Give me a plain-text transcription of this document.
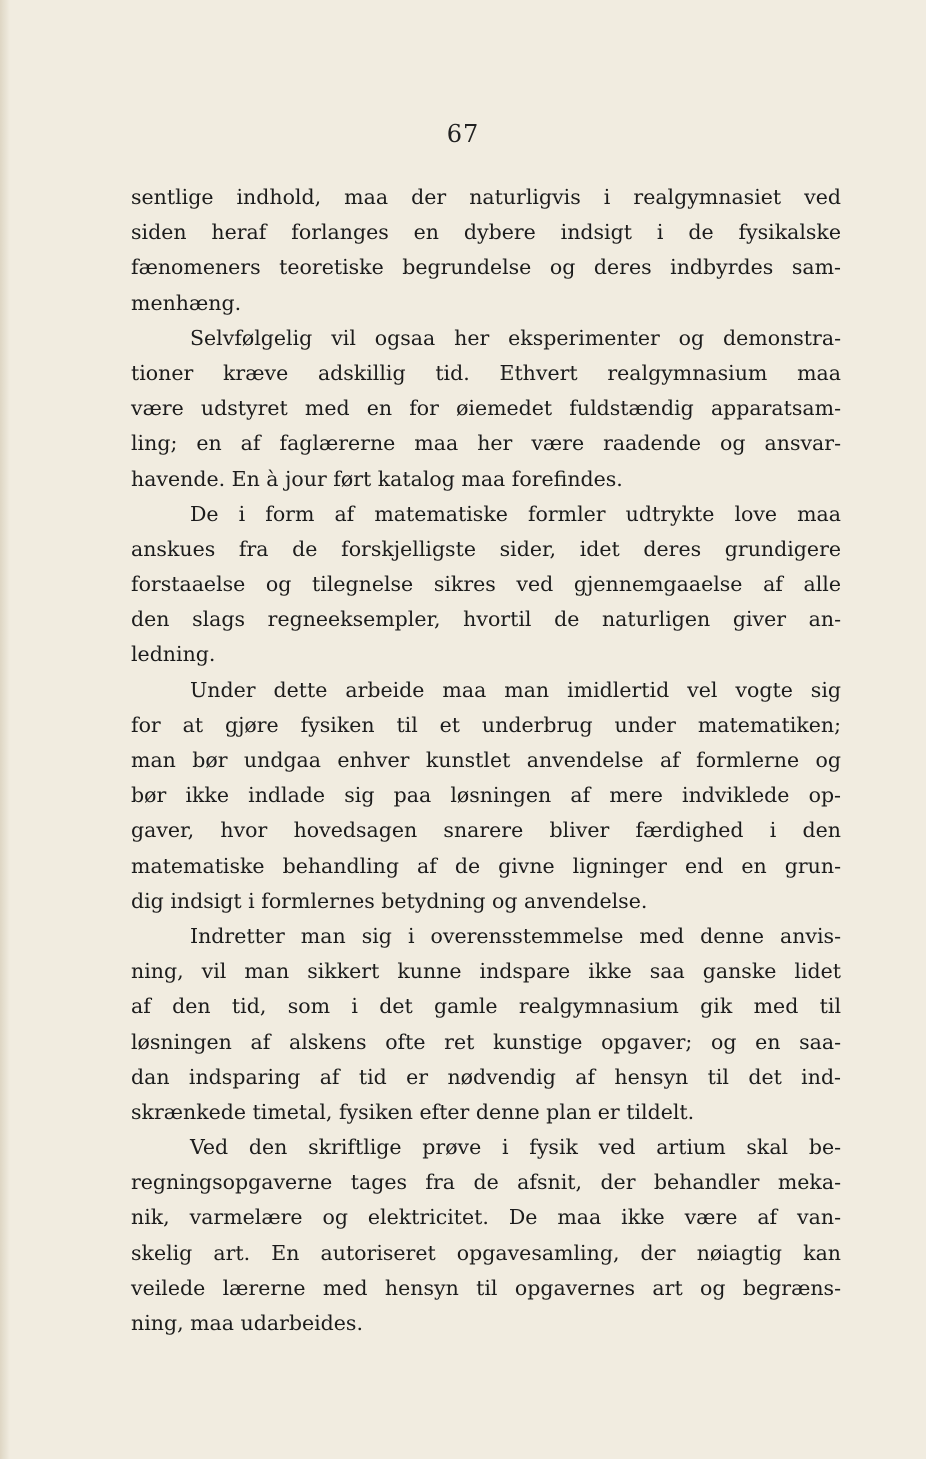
67
sentlige indhold, maa der naturligvis i realgymnasiet ved
siden heraf forlanges en dybere indsigt i de fysikalske
fænomeners teoretiske begrundelse og deres indbyrdes sam-
menhæng.
Selvfølgelig vil ogsaa her eksperimenter og demonstra-
tioner kræve adskillig tid. Ethvert realgymnasium maa
være udstyret med en for øiemedet fuldstændig apparatsam-
ling; en af faglærerne maa her være raadende og ansvar-
havende. En à jour ført katalog maa forefindes.
De i form af matematiske formler udtrykte love maa
anskues fra de forskjelligste sider, idet deres grundigere
forstaaelse og tilegnelse sikres ved gjennemgaaelse af alle
den slags regneeksempler, hvortil de naturligen giver an-
ledning.
Under dette arbeide maa man imidlertid vel vogte sig
for at gjøre fysiken til et underbrug under matematiken;
man bør undgaa enhver kunstlet anvendelse af formlerne og
bør ikke indlade sig paa løsningen af mere indviklede op-
gaver, hvor hovedsagen snarere bliver færdighed i den
matematiske behandling af de givne ligninger end en grun-
dig indsigt i formlernes betydning og anvendelse.
Indretter man sig i overensstemmelse med denne anvis-
ning, vil man sikkert kunne indspare ikke saa ganske lidet
af den tid, som i det gamle realgymnasium gik med til
løsningen af alskens ofte ret kunstige opgaver; og en saa-
dan indsparing af tid er nødvendig af hensyn til det ind-
skrænkede timetal, fysiken efter denne plan er tildelt.
Ved den skriftlige prøve i fysik ved artium skal be-
regningsopgaverne tages fra de afsnit, der behandler meka-
nik, varmelære og elektricitet. De maa ikke være af van-
skelig art. En autoriseret opgavesamling, der nøiagtig kan
veilede lærerne med hensyn til opgavernes art og begræns-
ning, maa udarbeides.
